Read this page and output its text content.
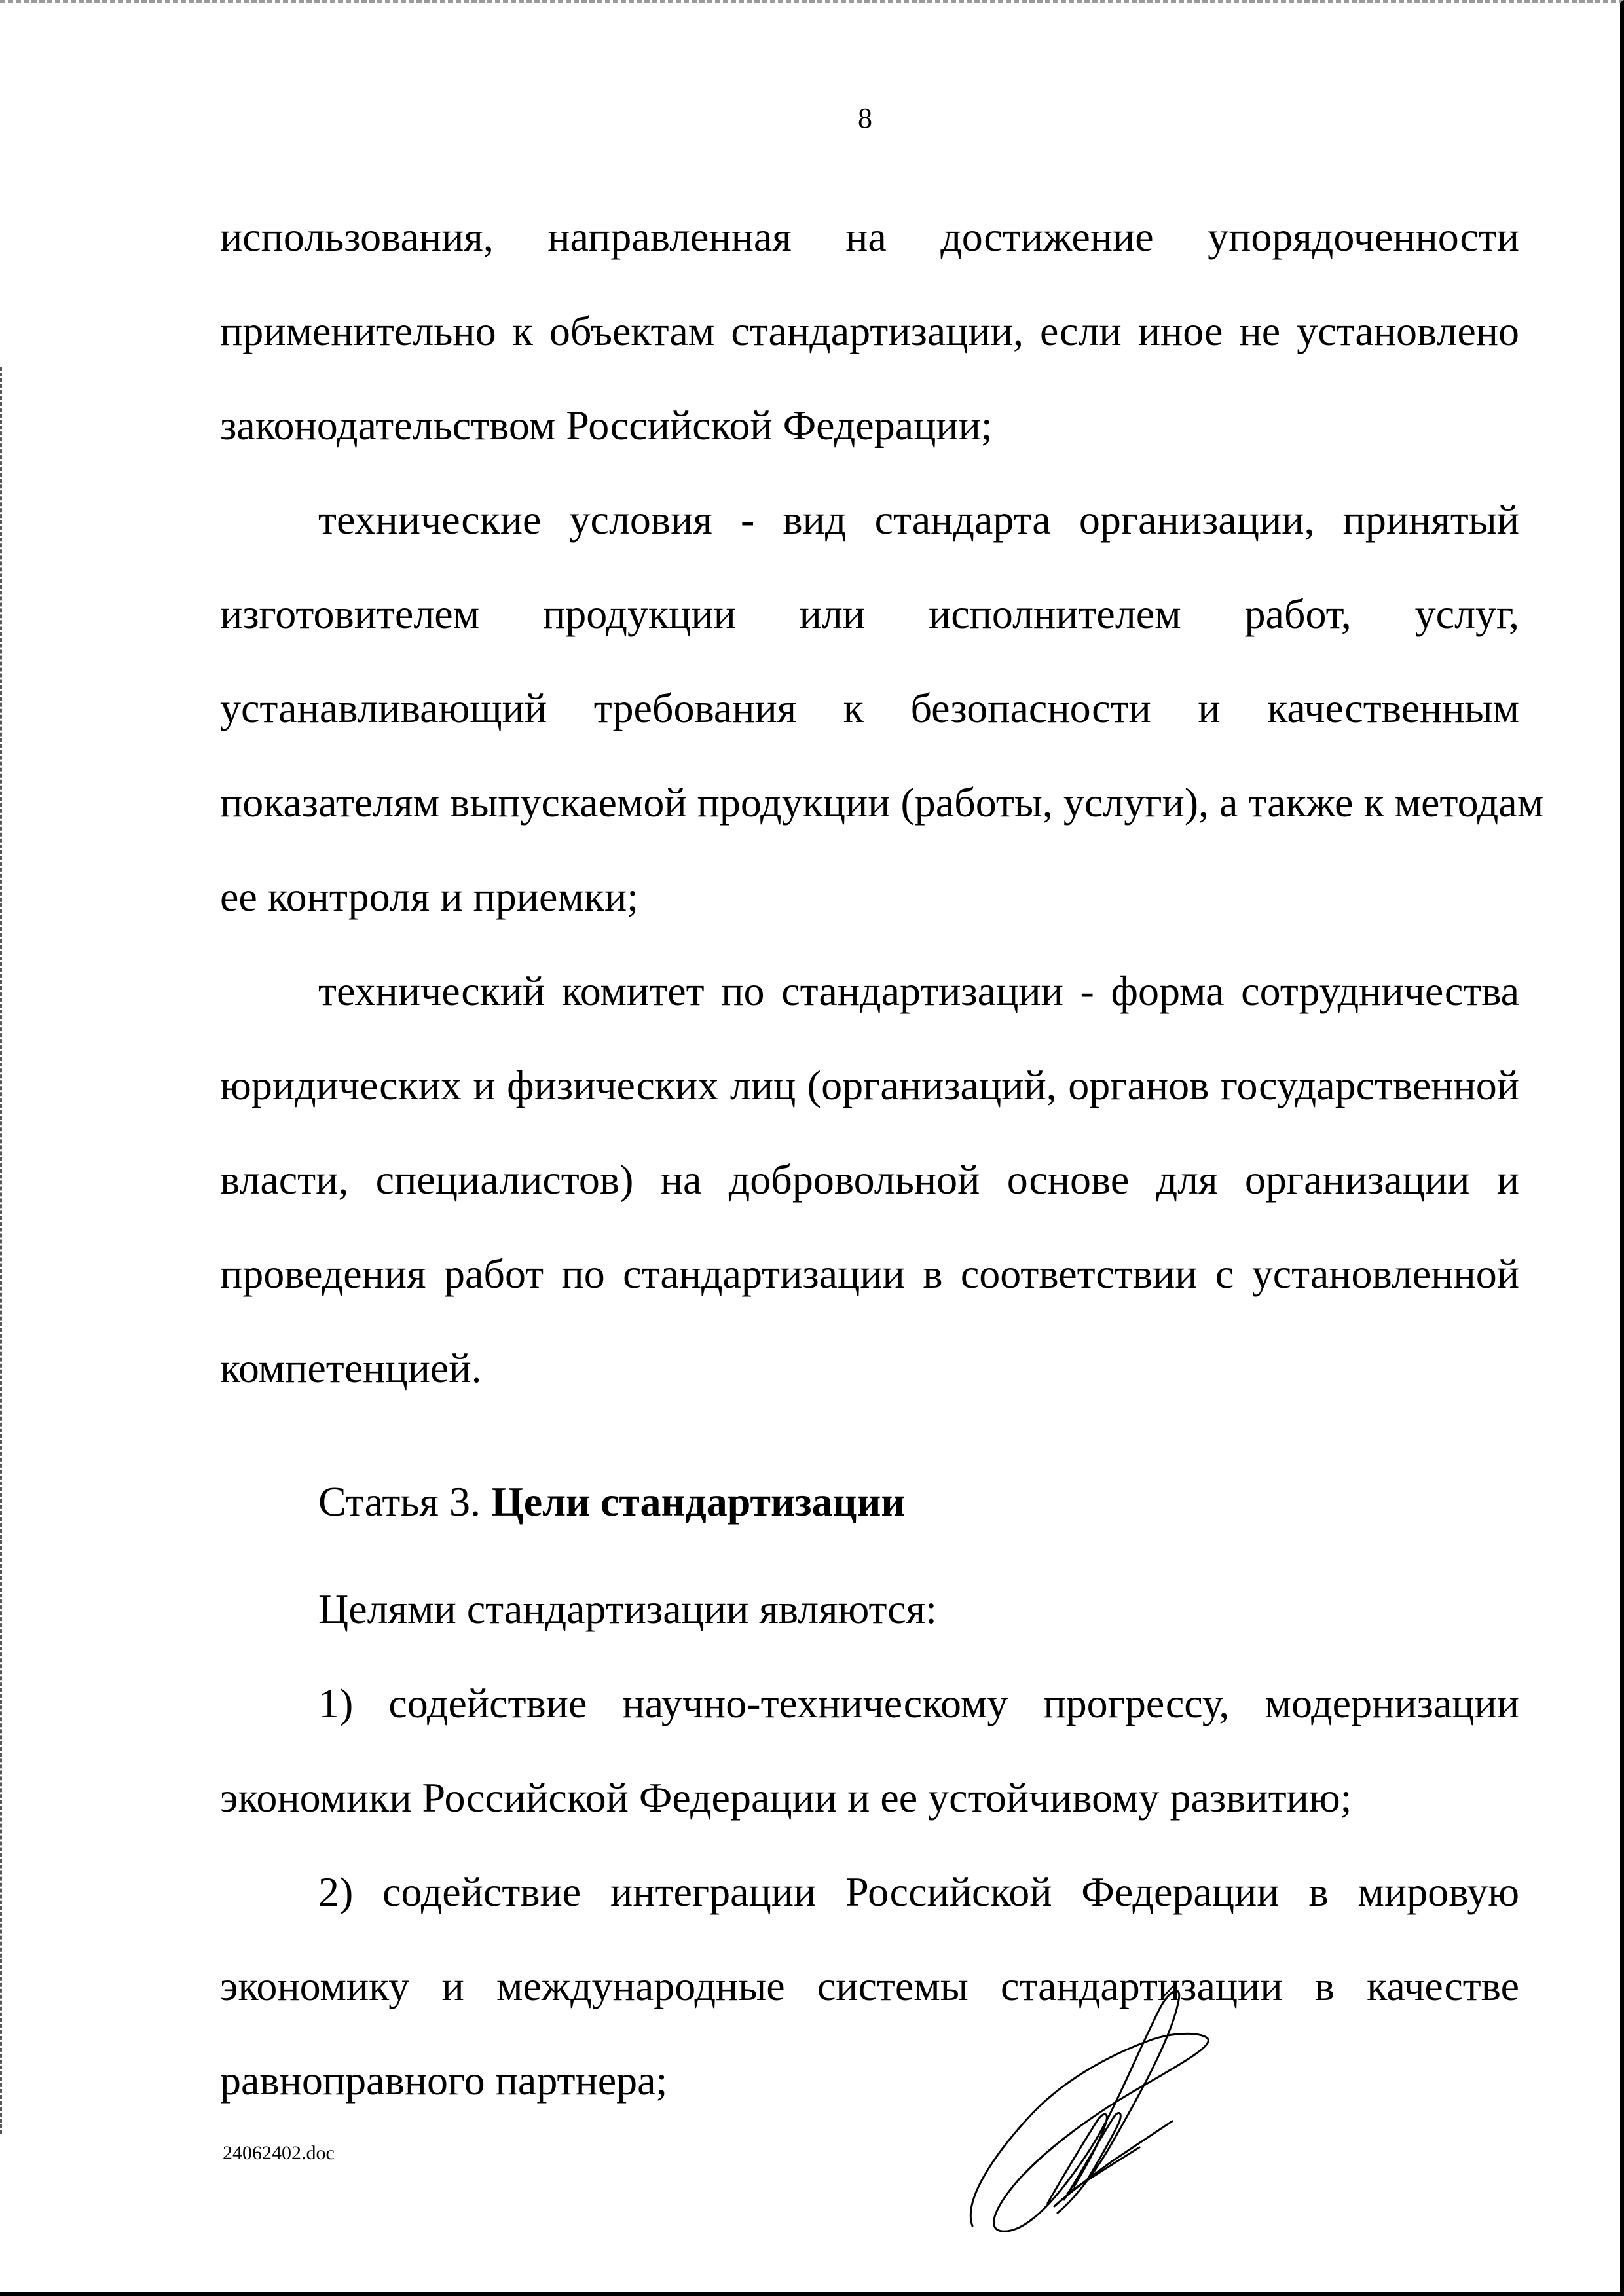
8
использования, направленная на достижение упорядоченности
применительно к объектам стандартизации, если иное не установлено
законодательством Российской Федерации;
технические условия - вид стандарта организации, принятый
изготовителем продукции или исполнителем работ, услуг,
устанавливающий требования к безопасности и качественным
показателям выпускаемой продукции (работы, услуги), а также к методам
ее контроля и приемки;
технический комитет по стандартизации - форма сотрудничества
юридических и физических лиц (организаций, органов государственной
власти, специалистов) на добровольной основе для организации и
проведения работ по стандартизации в соответствии с установленной
компетенцией.
Статья 3.
Цели стандартизации
Целями стандартизации являются:
1) содействие научно-техническому прогрессу, модернизации
экономики Российской Федерации и ее устойчивому развитию;
2) содействие интеграции Российской Федерации в мировую
экономику и международные системы стандартизации в качестве
равноправного партнера;
24062402.doc
